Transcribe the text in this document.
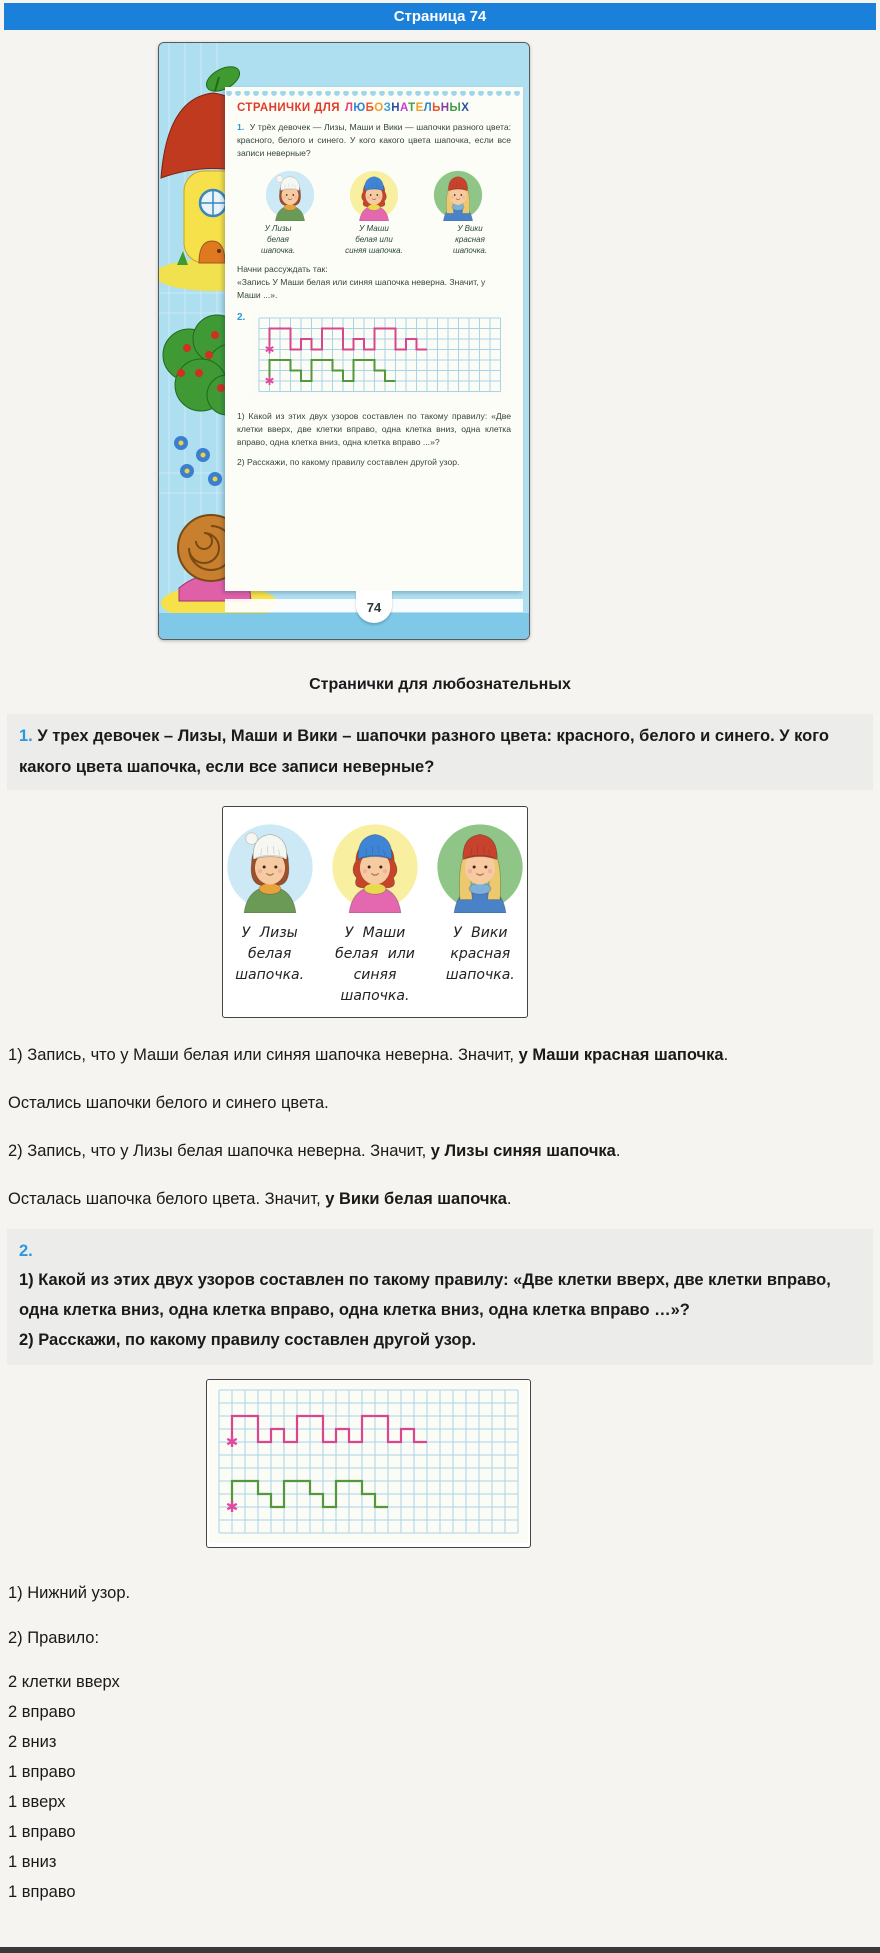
Страница 74
СТРАНИЧКИ ДЛЯ ЛЮБОЗНАТЕЛЬНЫХ
1. У трёх девочек — Лизы, Маши и Вики — шапочки разного цвета: красного, белого и синего. У кого какого цвета шапочка, если все записи неверные?
У Лизы
белая
шапочка.
У Маши
белая или
синяя шапочка.
У Вики
красная
шапочка.
Начни рассуждать так:
«Запись У Маши белая или синяя шапочка неверна. Значит, у Маши ...».
2.
✱
✱
1) Какой из этих двух узоров составлен по такому правилу: «Две клетки вверх, две клетки вправо, одна клетка вниз, одна клетка вправо, одна клетка вниз, одна клетка вправо ...»?
2) Расскажи, по какому правилу составлен другой узор.
74
Странички для любознательных
1. У трех девочек – Лизы, Маши и Вики – шапочки разного цвета: красного, белого и синего. У кого какого цвета шапочка, если все записи неверные?
У Лизы
белая
шапочка.
У Маши
белая или
синяя шапочка.
У Вики
красная
шапочка.

1) Запись, что у Маши белая или синяя шапочка неверна. Значит, у Маши красная шапочка.

Остались шапочки белого и синего цвета.

2) Запись, что у Лизы белая шапочка неверна. Значит, у Лизы синяя шапочка.

Осталась шапочка белого цвета. Значит, у Вики белая шапочка.

2.

1) Какой из этих двух узоров составлен по такому правилу: «Две клетки вверх, две клетки вправо, одна клетка вниз, одна клетка вправо, одна клетка вниз, одна клетка вправо …»?

2) Расскажи, по какому правилу составлен другой узор.

✱
✱
1) Нижний узор.
2) Правило:
2 клетки вверх
2 вправо
2 вниз
1 вправо
1 вверх
1 вправо
1 вниз
1 вправо
